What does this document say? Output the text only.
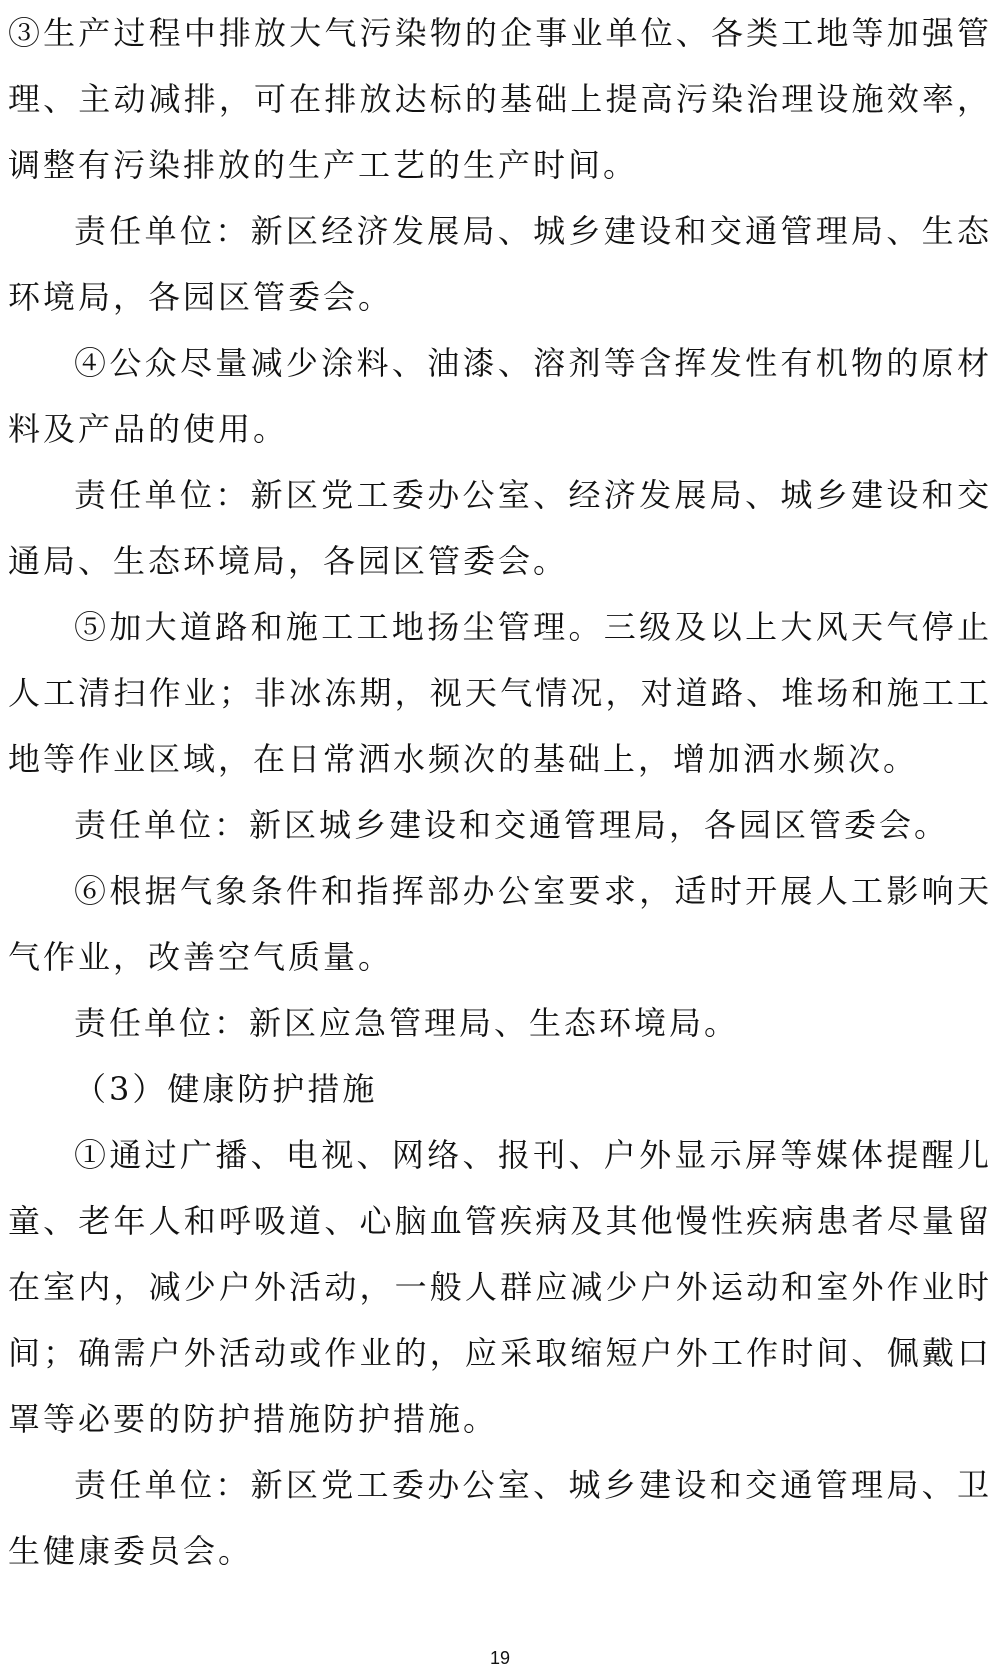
③生产过程中排放大气污染物的企事业单位、各类工地等加强管理、主动减排，可在排放达标的基础上提高污染治理设施效率，调整有污染排放的生产工艺的生产时间。

责任单位：新区经济发展局、城乡建设和交通管理局、生态环境局，各园区管委会。

④公众尽量减少涂料、油漆、溶剂等含挥发性有机物的原材料及产品的使用。

责任单位：新区党工委办公室、经济发展局、城乡建设和交通局、生态环境局，各园区管委会。

⑤加大道路和施工工地扬尘管理。三级及以上大风天气停止人工清扫作业；非冰冻期，视天气情况，对道路、堆场和施工工地等作业区域，在日常洒水频次的基础上，增加洒水频次。

责任单位：新区城乡建设和交通管理局，各园区管委会。

⑥根据气象条件和指挥部办公室要求，适时开展人工影响天气作业，改善空气质量。

责任单位：新区应急管理局、生态环境局。

（3）健康防护措施

①通过广播、电视、网络、报刊、户外显示屏等媒体提醒儿童、老年人和呼吸道、心脑血管疾病及其他慢性疾病患者尽量留在室内，减少户外活动，一般人群应减少户外运动和室外作业时间；确需户外活动或作业的，应采取缩短户外工作时间、佩戴口罩等必要的防护措施防护措施。

责任单位：新区党工委办公室、城乡建设和交通管理局、卫生健康委员会。

19
